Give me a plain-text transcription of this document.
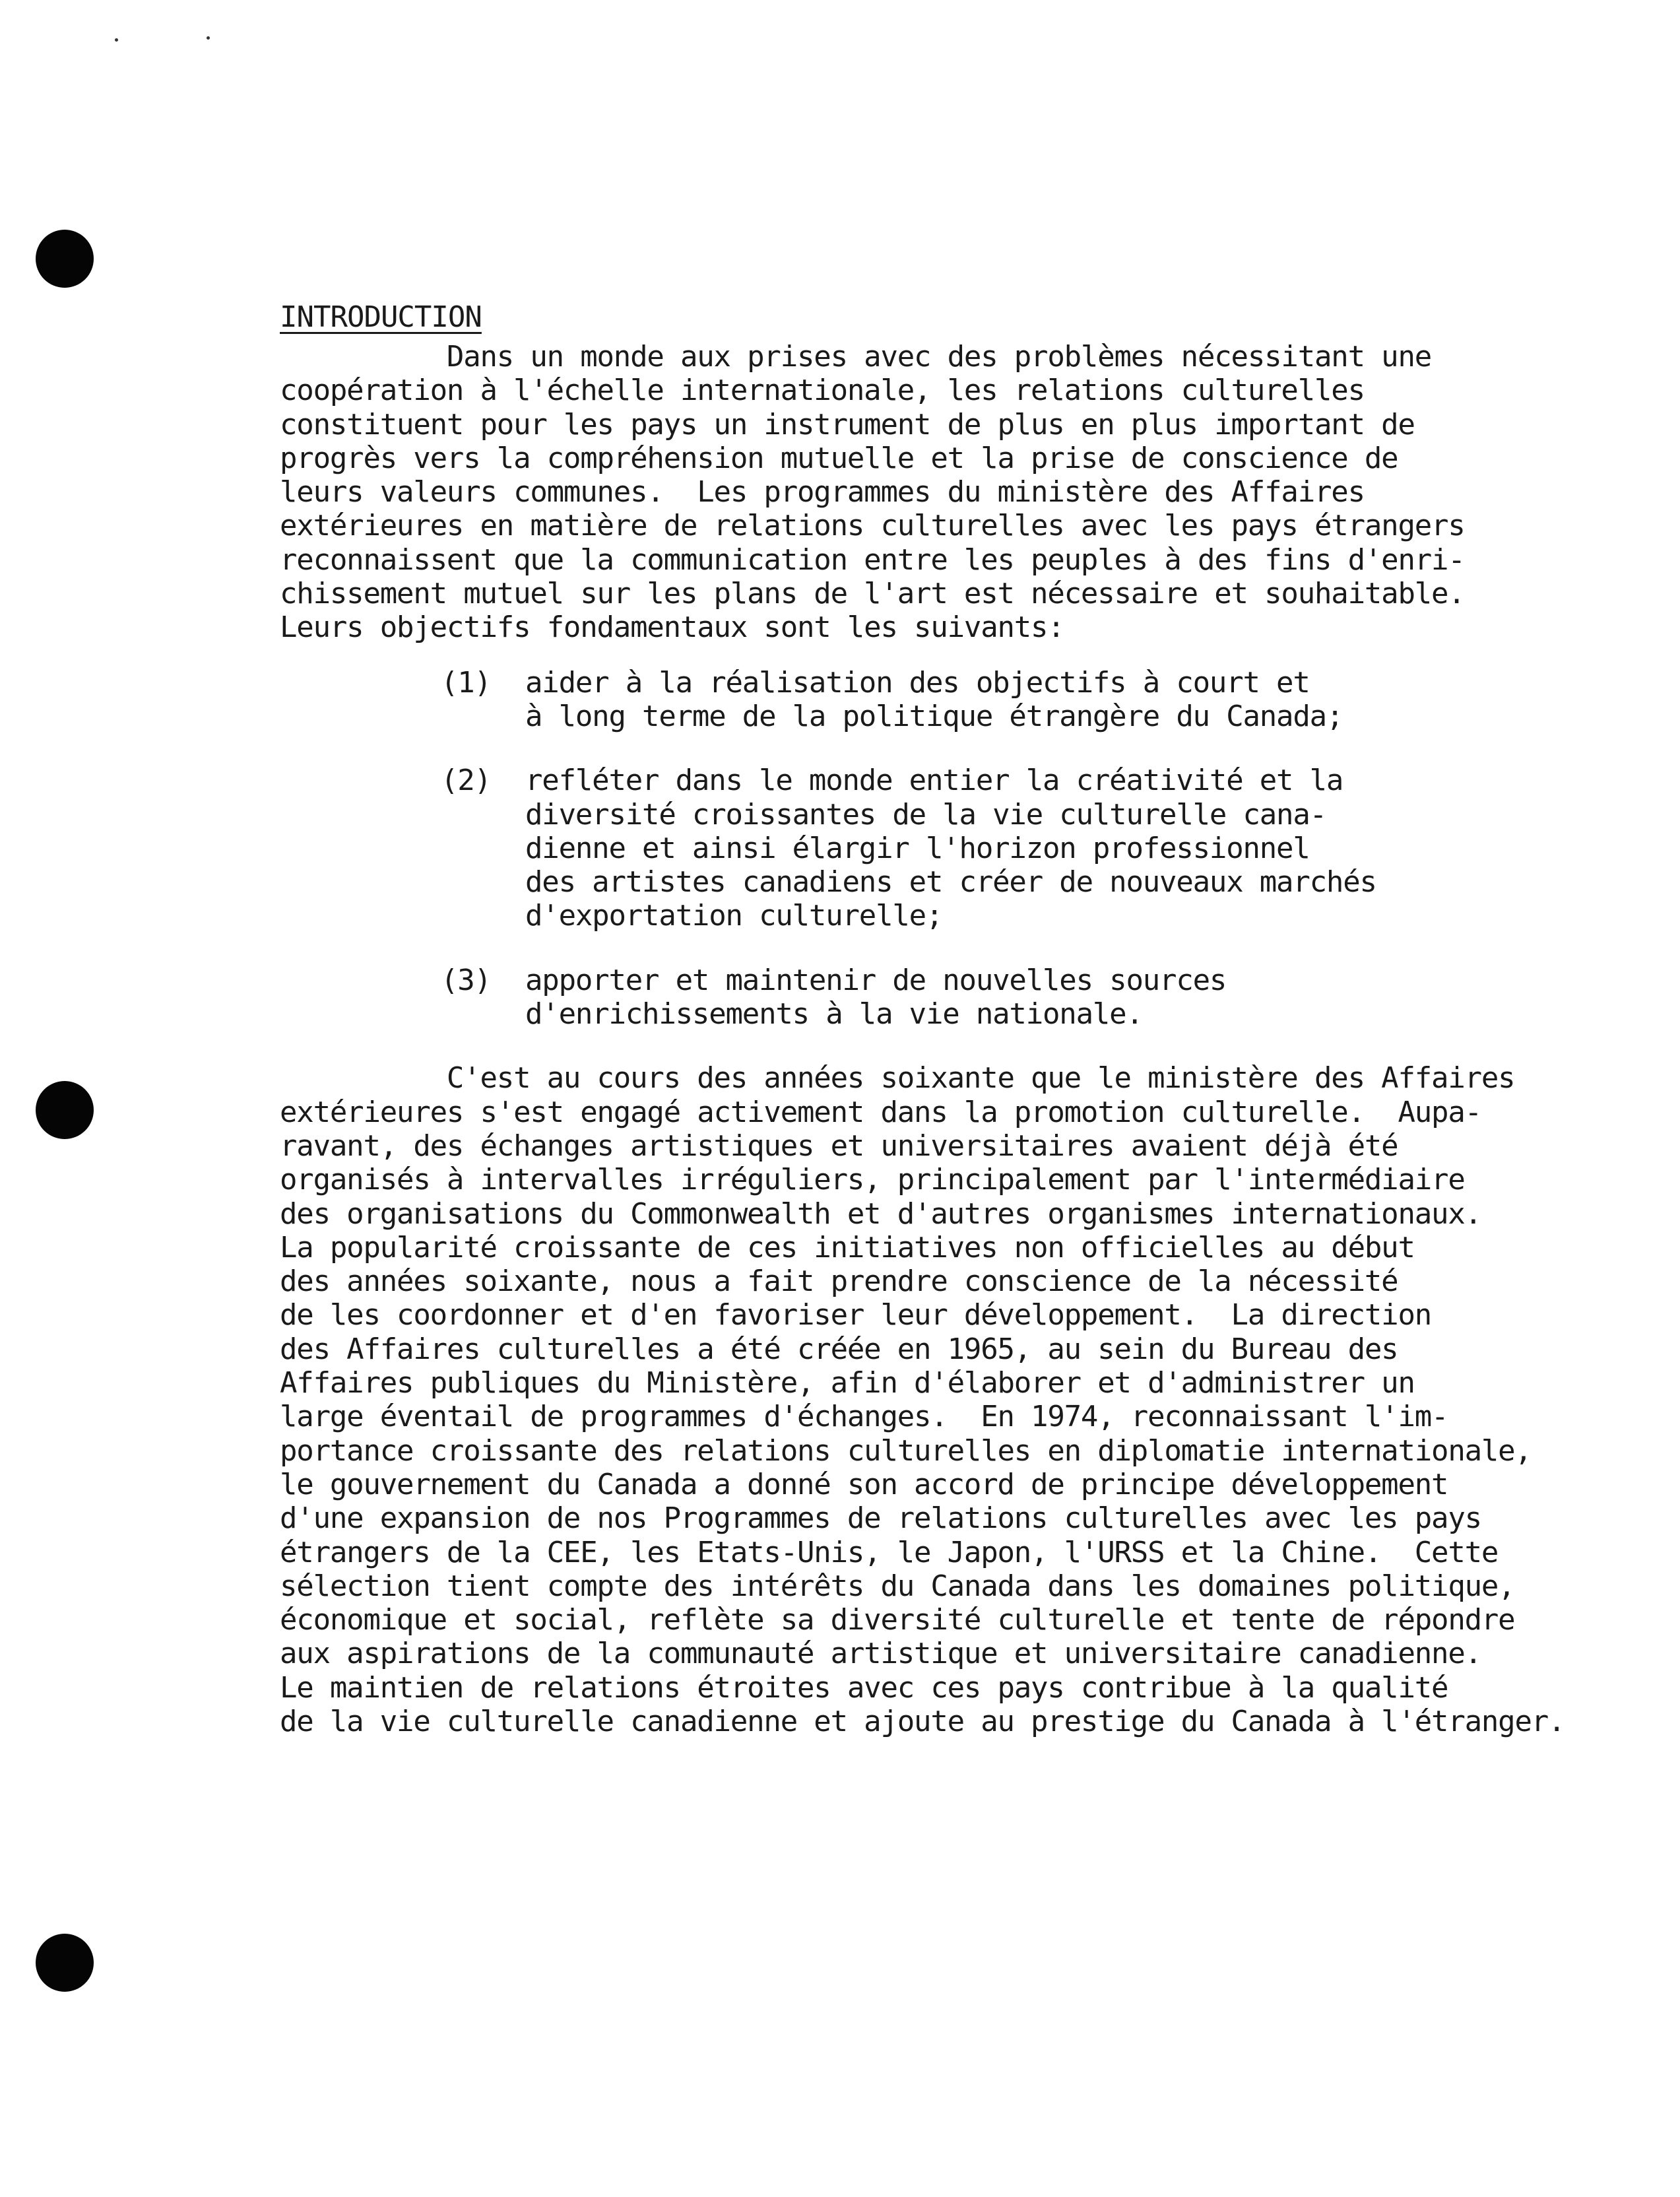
INTRODUCTION

Dans un monde aux prises avec des problèmes nécessitant une
coopération à l'échelle internationale, les relations culturelles
constituent pour les pays un instrument de plus en plus important de
progrès vers la compréhension mutuelle et la prise de conscience de
leurs valeurs communes.  Les programmes du ministère des Affaires
extérieures en matière de relations culturelles avec les pays étrangers
reconnaissent que la communication entre les peuples à des fins d'enri-
chissement mutuel sur les plans de l'art est nécessaire et souhaitable.
Leurs objectifs fondamentaux sont les suivants:

(1)	aider à la réalisation des objectifs à court et
à long terme de la politique étrangère du Canada;
(2)	refléter dans le monde entier la créativité et la
diversité croissantes de la vie culturelle cana-
dienne et ainsi élargir l'horizon professionnel
des artistes canadiens et créer de nouveaux marchés
d'exportation culturelle;
(3)	apporter et maintenir de nouvelles sources
d'enrichissements à la vie nationale.

C'est au cours des années soixante que le ministère des Affaires
extérieures s'est engagé activement dans la promotion culturelle.  Aupa-
ravant, des échanges artistiques et universitaires avaient déjà été
organisés à intervalles irréguliers, principalement par l'intermédiaire
des organisations du Commonwealth et d'autres organismes internationaux.
La popularité croissante de ces initiatives non officielles au début
des années soixante, nous a fait prendre conscience de la nécessité
de les coordonner et d'en favoriser leur développement.  La direction
des Affaires culturelles a été créée en 1965, au sein du Bureau des
Affaires publiques du Ministère, afin d'élaborer et d'administrer un
large éventail de programmes d'échanges.  En 1974, reconnaissant l'im-
portance croissante des relations culturelles en diplomatie internationale,
le gouvernement du Canada a donné son accord de principe développement
d'une expansion de nos Programmes de relations culturelles avec les pays
étrangers de la CEE, les Etats-Unis, le Japon, l'URSS et la Chine.  Cette
sélection tient compte des intérêts du Canada dans les domaines politique,
économique et social, reflète sa diversité culturelle et tente de répondre
aux aspirations de la communauté artistique et universitaire canadienne.
Le maintien de relations étroites avec ces pays contribue à la qualité
de la vie culturelle canadienne et ajoute au prestige du Canada à l'étranger.
